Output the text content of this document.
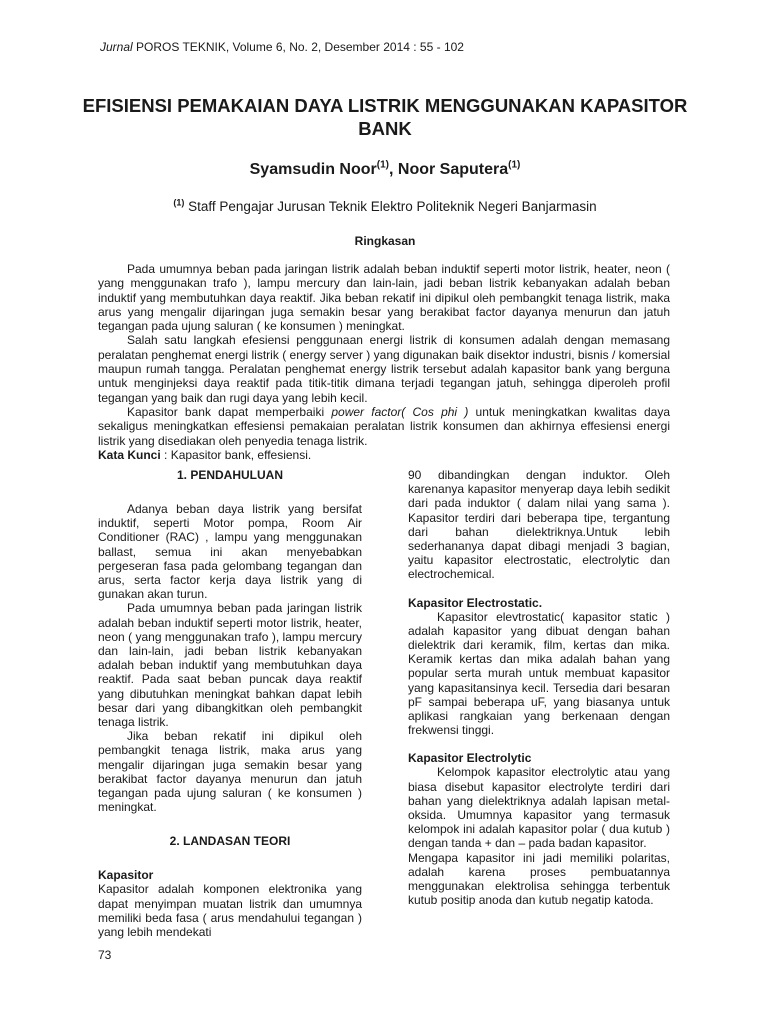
Jurnal POROS TEKNIK, Volume 6, No. 2, Desember 2014 : 55 - 102
EFISIENSI PEMAKAIAN DAYA LISTRIK MENGGUNAKAN KAPASITOR BANK
Syamsudin Noor$^{(1)}$, Noor Saputera$^{(1)}$
$^{(1)}$ Staff Pengajar Jurusan Teknik Elektro Politeknik Negeri Banjarmasin
Ringkasan

Pada umumnya beban pada jaringan listrik adalah beban induktif seperti motor listrik, heater, neon ( yang menggunakan trafo ), lampu mercury dan lain-lain, jadi beban listrik kebanyakan adalah beban induktif yang membutuhkan daya reaktif. Jika beban rekatif ini dipikul oleh pembangkit tenaga listrik, maka arus yang mengalir dijaringan juga semakin besar yang berakibat factor dayanya menurun dan jatuh tegangan pada ujung saluran ( ke konsumen ) meningkat.

Salah satu langkah efesiensi penggunaan energi listrik di konsumen adalah dengan memasang peralatan penghemat energi listrik ( energy server ) yang digunakan baik disektor industri, bisnis / komersial maupun rumah tangga. Peralatan penghemat energy listrik tersebut adalah kapasitor bank yang berguna untuk menginjeksi daya reaktif pada titik-titik dimana terjadi tegangan jatuh, sehingga diperoleh profil tegangan yang baik dan rugi daya yang lebih kecil.

Kapasitor bank dapat memperbaiki power factor( Cos phi ) untuk meningkatkan kwalitas daya sekaligus meningkatkan effesiensi pemakaian peralatan listrik konsumen dan akhirnya effesiensi energi listrik yang disediakan oleh penyedia tenaga listrik.

Kata Kunci : Kapasitor bank, effesiensi.

1. PENDAHULUAN

Adanya beban daya listrik yang bersifat induktif, seperti Motor pompa, Room Air Conditioner (RAC) , lampu yang menggunakan ballast, semua ini akan menyebabkan pergeseran fasa pada gelombang tegangan dan arus, serta factor kerja daya listrik yang di gunakan akan turun.

Pada umumnya beban pada jaringan listrik adalah beban induktif seperti motor listrik, heater, neon ( yang menggunakan trafo ), lampu mercury dan lain-lain, jadi beban listrik kebanyakan adalah beban induktif yang membutuhkan daya reaktif. Pada saat beban puncak daya reaktif yang dibutuhkan meningkat bahkan dapat lebih besar dari yang dibangkitkan oleh pembangkit tenaga listrik.

Jika beban rekatif ini dipikul oleh pembangkit tenaga listrik, maka arus yang mengalir dijaringan juga semakin besar yang berakibat factor dayanya menurun dan jatuh tegangan pada ujung saluran ( ke konsumen ) meningkat.

2. LANDASAN TEORI
Kapasitor

Kapasitor adalah komponen elektronika yang dapat menyimpan muatan listrik dan umumnya memiliki beda fasa ( arus mendahului tegangan ) yang lebih mendekati

90 dibandingkan dengan induktor. Oleh karenanya kapasitor menyerap daya lebih sedikit dari pada induktor ( dalam nilai yang sama ). Kapasitor terdiri dari beberapa tipe, tergantung dari bahan dielektriknya.Untuk lebih sederhananya dapat dibagi menjadi 3 bagian, yaitu kapasitor electrostatic, electrolytic dan electrochemical.

Kapasitor Electrostatic.

Kapasitor elevtrostatic( kapasitor static ) adalah kapasitor yang dibuat dengan bahan dielektrik dari keramik, film, kertas dan mika. Keramik kertas dan mika adalah bahan yang popular serta murah untuk membuat kapasitor yang kapasitansinya kecil. Tersedia dari besaran pF sampai beberapa uF, yang biasanya untuk aplikasi rangkaian yang berkenaan dengan frekwensi tinggi.

Kapasitor Electrolytic

Kelompok kapasitor electrolytic atau yang biasa disebut kapasitor electrolyte terdiri dari bahan yang dielektriknya adalah lapisan metal-oksida. Umumnya kapasitor yang termasuk kelompok ini adalah kapasitor polar ( dua kutub ) dengan tanda + dan – pada badan kapasitor.

Mengapa kapasitor ini jadi memiliki polaritas, adalah karena proses pembuatannya menggunakan elektrolisa sehingga terbentuk kutub positip anoda dan kutub negatip katoda.

73
